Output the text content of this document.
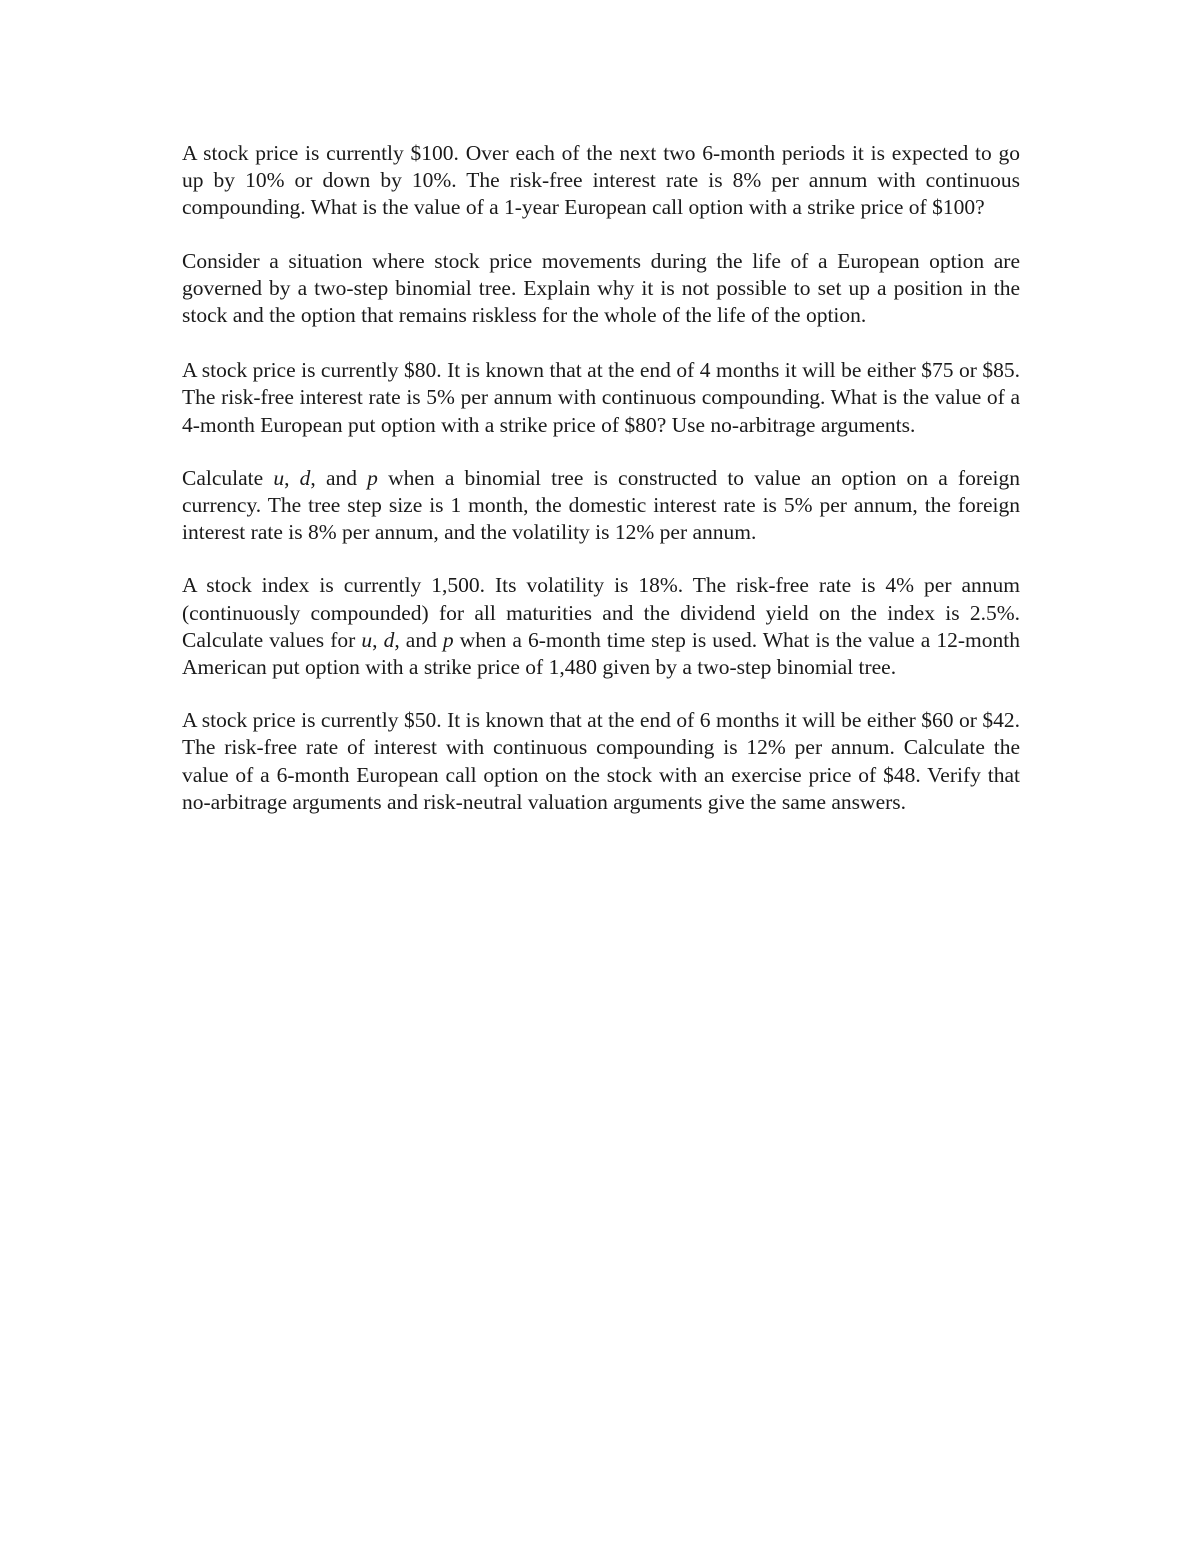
A stock price is currently $100. Over each of the next two 6-month periods it is expected to go up by 10% or down by 10%. The risk-free interest rate is 8% per annum with continuous compounding. What is the value of a 1-year European call option with a strike price of $100?

Consider a situation where stock price movements during the life of a European option are governed by a two-step binomial tree. Explain why it is not possible to set up a position in the stock and the option that remains riskless for the whole of the life of the option.

A stock price is currently $80. It is known that at the end of 4 months it will be either $75 or $85. The risk-free interest rate is 5% per annum with continuous compounding. What is the value of a 4-month European put option with a strike price of $80? Use no-arbitrage arguments.

Calculate u, d, and p when a binomial tree is constructed to value an option on a foreign currency. The tree step size is 1 month, the domestic interest rate is 5% per annum, the foreign interest rate is 8% per annum, and the volatility is 12% per annum.

A stock index is currently 1,500. Its volatility is 18%. The risk-free rate is 4% per annum (continuously compounded) for all maturities and the dividend yield on the index is 2.5%. Calculate values for u, d, and p when a 6-month time step is used. What is the value a 12-month American put option with a strike price of 1,480 given by a two-step binomial tree.

A stock price is currently $50. It is known that at the end of 6 months it will be either $60 or $42. The risk-free rate of interest with continuous compounding is 12% per annum. Calculate the value of a 6-month European call option on the stock with an exercise price of $48. Verify that no-arbitrage arguments and risk-neutral valuation arguments give the same answers.
